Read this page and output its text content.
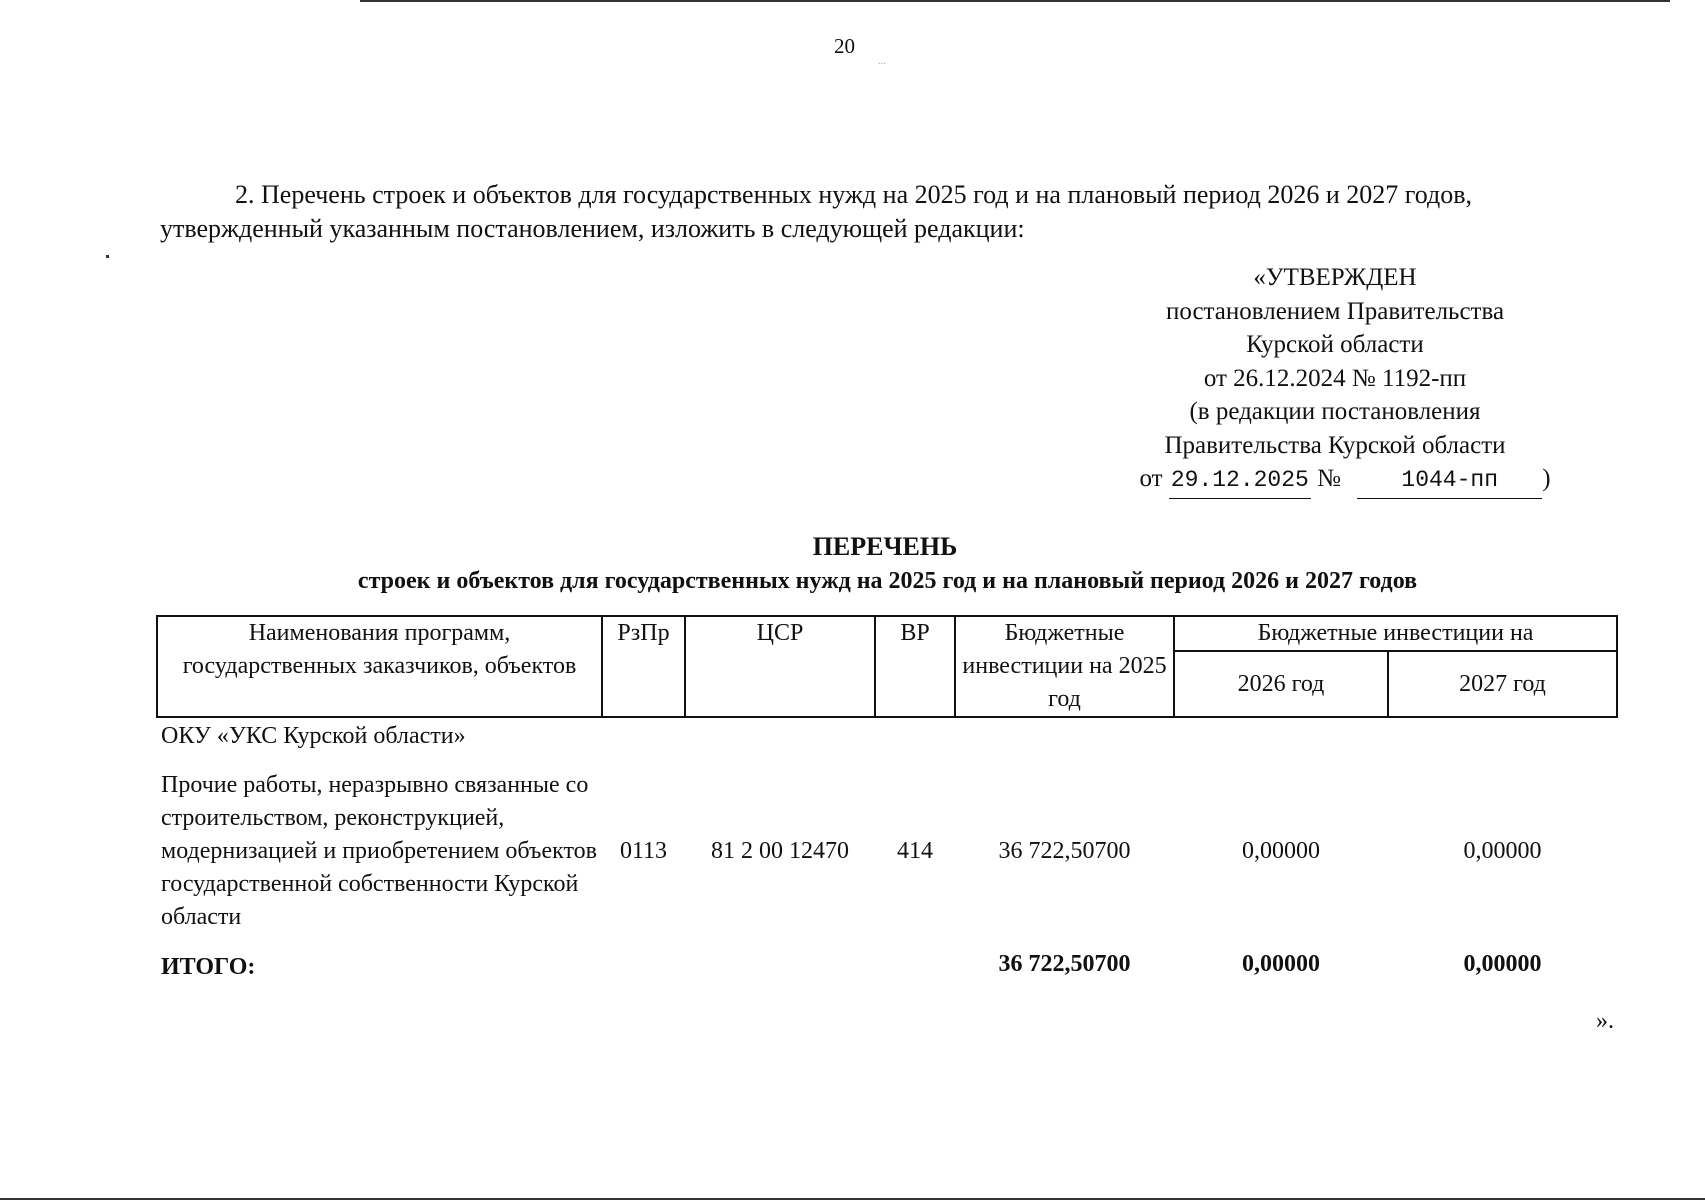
20
...
2. Перечень строек и объектов для государственных нужд на 2025 год и на плановый период 2026 и 2027 годов,
утвержденный указанным постановлением, изложить в следующей редакции:
«УТВЕРЖДЕН
постановлением Правительства
Курской области
от 26.12.2024 № 1192-пп
(в редакции постановления
Правительства Курской области
от 29.12.2025 №	1044-пп )
ПЕРЕЧЕНЬ
строек и объектов для государственных нужд на 2025 год и на плановый период 2026 и 2027 годов
Наименования программ, государственных заказчиков, объектов	РзПр	ЦСР	ВР	Бюджетные инвестиции на 2025 год	Бюджетные инвестиции на	
					2026 год	2027 год
ОКУ «УКС Курской области»						
Прочие работы, неразрывно связанные со строительством, реконструкцией, модернизацией и приобретением объектов государственной собственности Курской области	0113	81 2 00 12470	414	36 722,50700	0,00000	0,00000
ИТОГО:				36 722,50700	0,00000	0,00000
».
